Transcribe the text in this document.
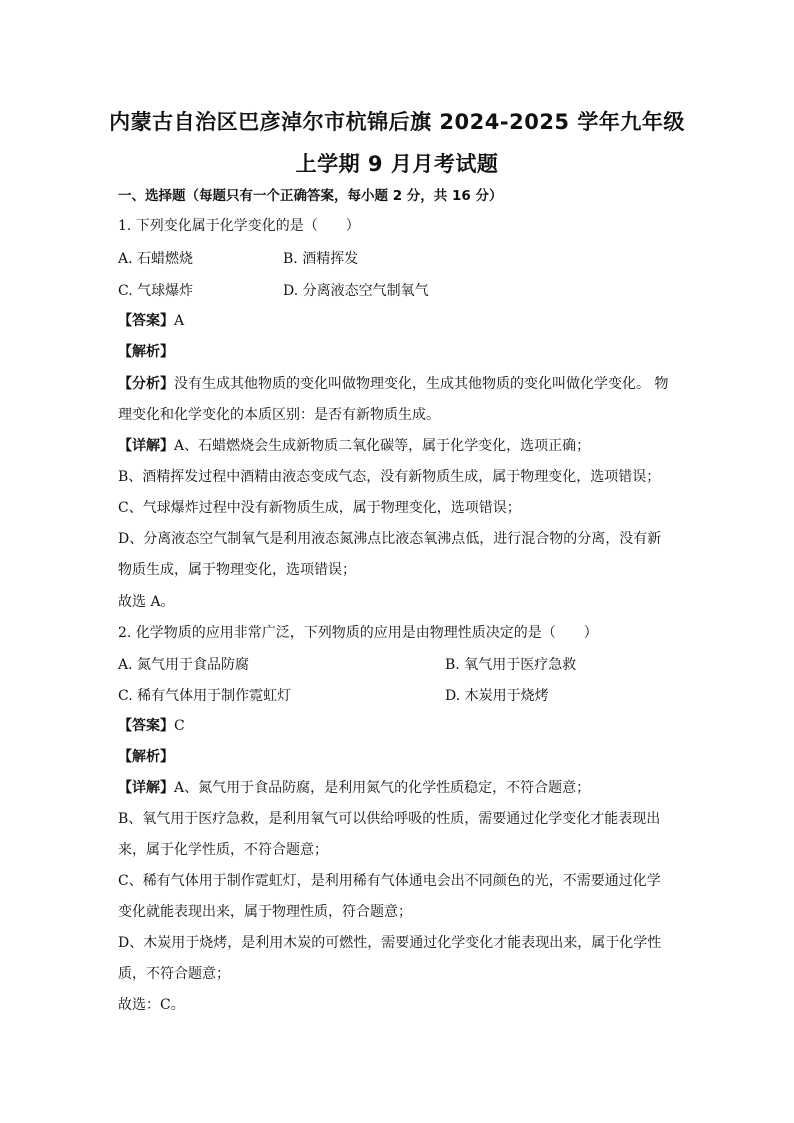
内蒙古自治区巴彦淖尔市杭锦后旗 2024-2025 学年九年级
上学期 9 月月考试题
一、选择题（每题只有一个正确答案，每小题 2 分，共 16 分）
1. 下列变化属于化学变化的是（　　）
A. 石蜡燃烧	B. 酒精挥发
C. 气球爆炸	D. 分离液态空气制氧气
【答案】A
【解析】
【分析】没有生成其他物质的变化叫做物理变化，生成其他物质的变化叫做化学变化。 物
理变化和化学变化的本质区别：是否有新物质生成。
【详解】A、石蜡燃烧会生成新物质二氧化碳等，属于化学变化，选项正确；
B、酒精挥发过程中酒精由液态变成气态，没有新物质生成，属于物理变化，选项错误；
C、气球爆炸过程中没有新物质生成，属于物理变化，选项错误；
D、分离液态空气制氧气是利用液态氮沸点比液态氧沸点低，进行混合物的分离，没有新
物质生成，属于物理变化，选项错误；
故选 A。
2. 化学物质的应用非常广泛，下列物质的应用是由物理性质决定的是（　　）
A. 氮气用于食品防腐	B. 氧气用于医疗急救
C. 稀有气体用于制作霓虹灯	D. 木炭用于烧烤
【答案】C
【解析】
【详解】A、氮气用于食品防腐，是利用氮气的化学性质稳定，不符合题意；
B、氧气用于医疗急救，是利用氧气可以供给呼吸的性质，需要通过化学变化才能表现出
来，属于化学性质，不符合题意；
C、稀有气体用于制作霓虹灯，是利用稀有气体通电会出不同颜色的光，不需要通过化学
变化就能表现出来，属于物理性质，符合题意；
D、木炭用于烧烤，是利用木炭的可燃性，需要通过化学变化才能表现出来，属于化学性
质，不符合题意；
故选：C。
